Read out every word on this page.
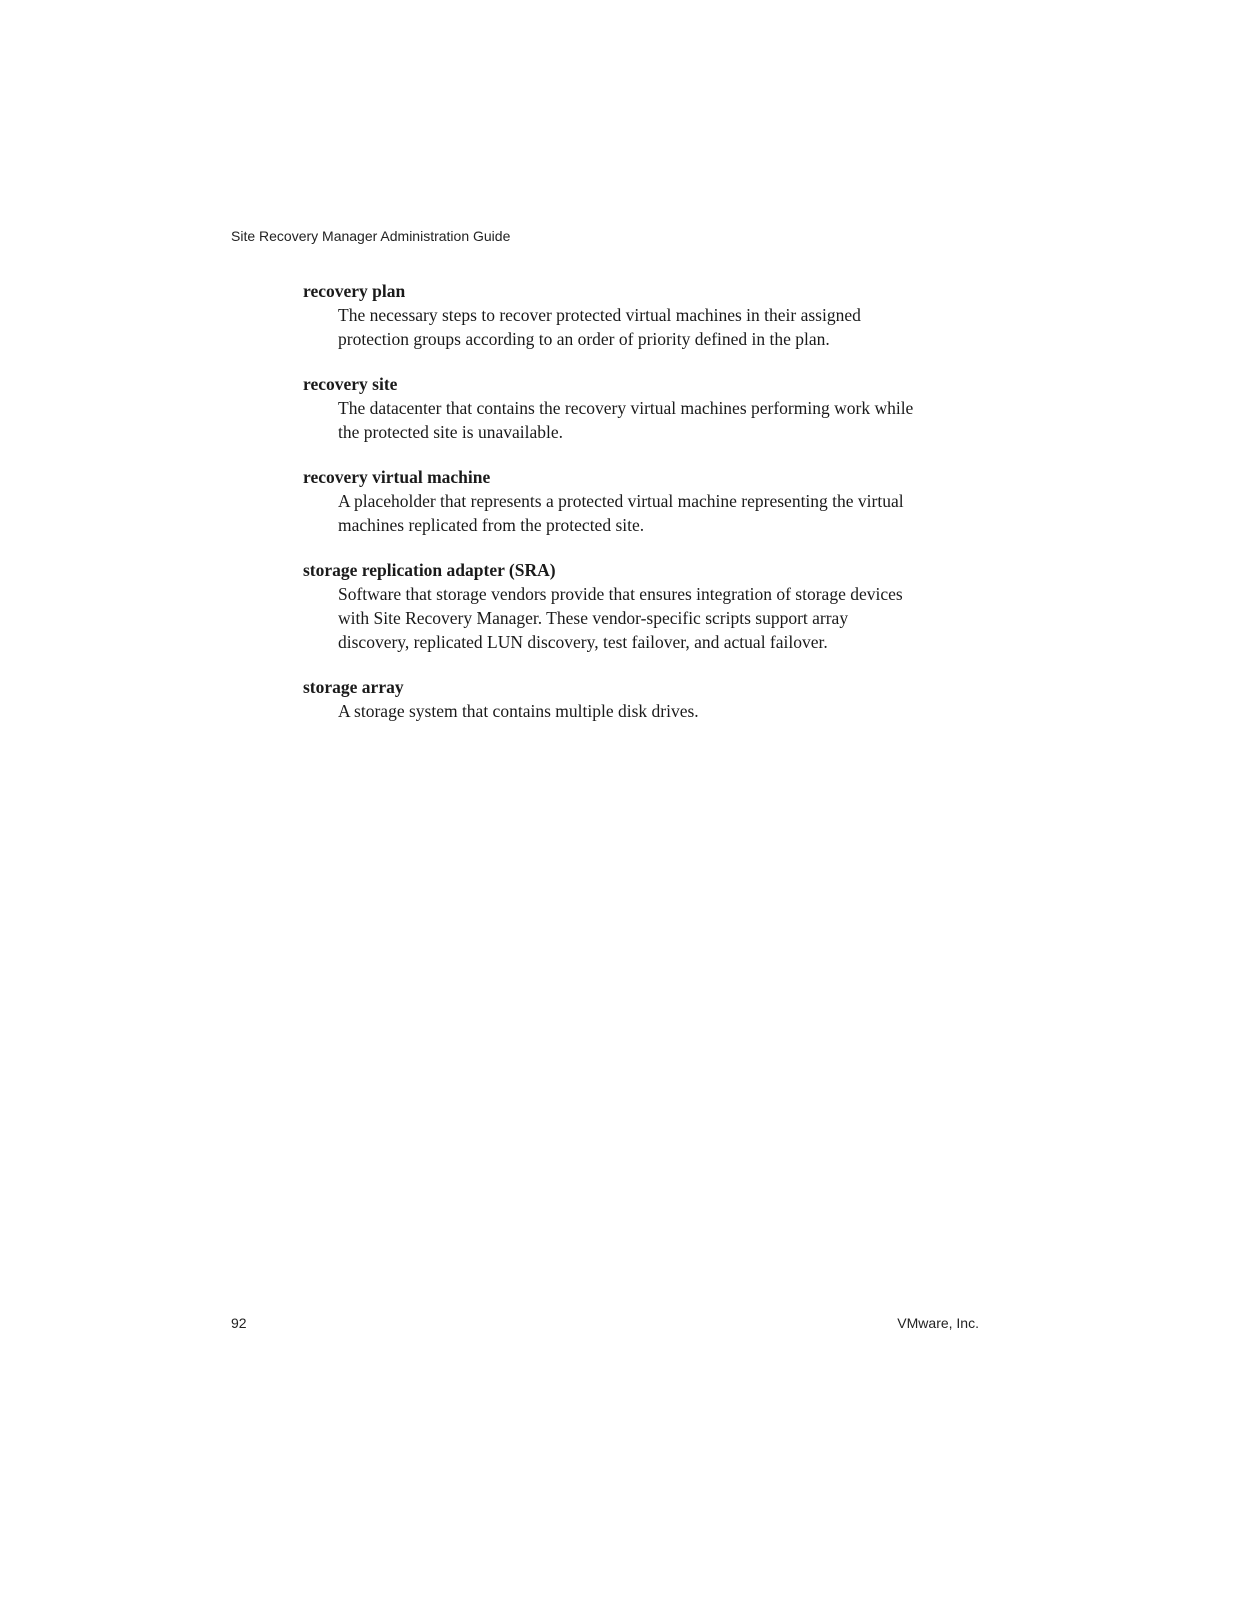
Site Recovery Manager Administration Guide

recovery plan

The necessary steps to recover protected virtual machines in their assigned
protection groups according to an order of priority defined in the plan.

recovery site

The datacenter that contains the recovery virtual machines performing work while
the protected site is unavailable.

recovery virtual machine

A placeholder that represents a protected virtual machine representing the virtual
machines replicated from the protected site.

storage replication adapter (SRA)

Software that storage vendors provide that ensures integration of storage devices
with Site Recovery Manager. These vendor-specific scripts support array
discovery, replicated LUN discovery, test failover, and actual failover.

storage array

A storage system that contains multiple disk drives.

92	VMware, Inc.
